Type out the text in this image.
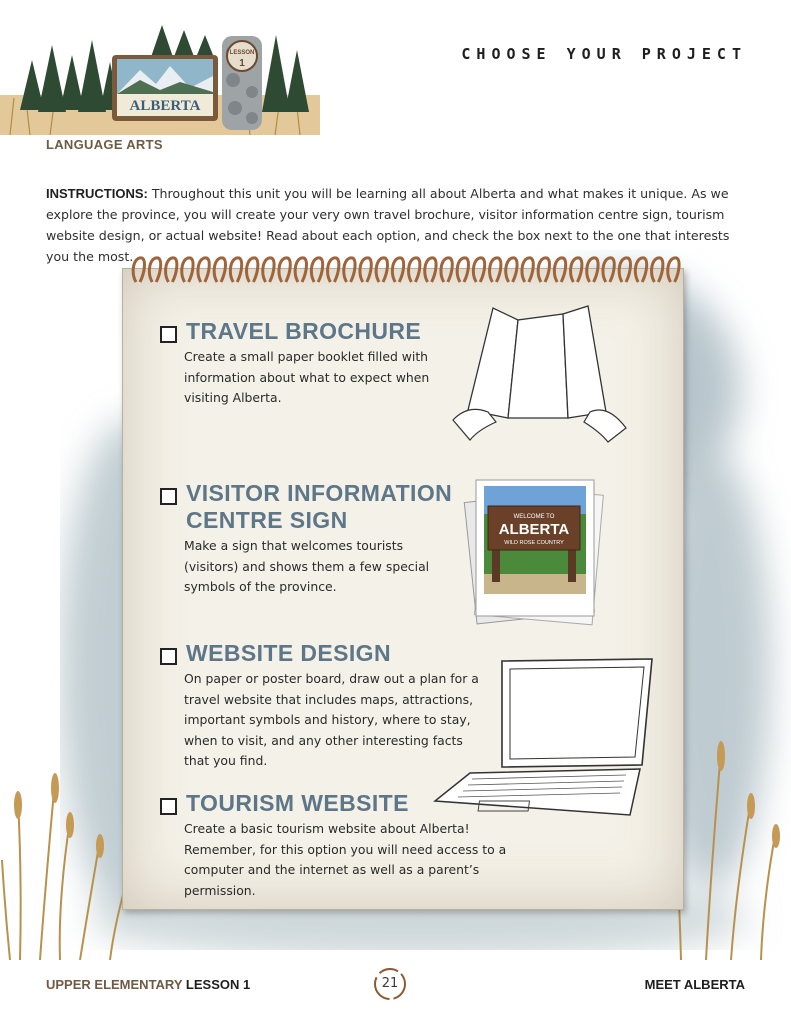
ALBERTA
LESSON
1
CHOOSE YOUR PROJECT
LANGUAGE ARTS
INSTRUCTIONS: Throughout this unit you will be learning all about Alberta and what makes it unique. As we explore the province, you will create your very own travel brochure, visitor information centre sign, tourism website design, or actual website! Read about each option, and check the box next to the one that interests you the most.
TRAVEL BROCHURE
Create a small paper booklet filled with information about what to expect when visiting Alberta.
VISITOR INFORMATION
CENTRE SIGN
Make a sign that welcomes tourists (visitors) and shows them a few special symbols of the province.
WELCOME TO
ALBERTA
WILD ROSE COUNTRY
WEBSITE DESIGN
On paper or poster board, draw out a plan for a travel website that includes maps, attractions, important symbols and history, where to stay, when to visit, and any other interesting facts that you find.
TOURISM WEBSITE
Create a basic tourism website about Alberta! Remember, for this option you will need access to a computer and the internet as well as a parent’s permission.
UPPER ELEMENTARY LESSON 1	21	MEET ALBERTA
